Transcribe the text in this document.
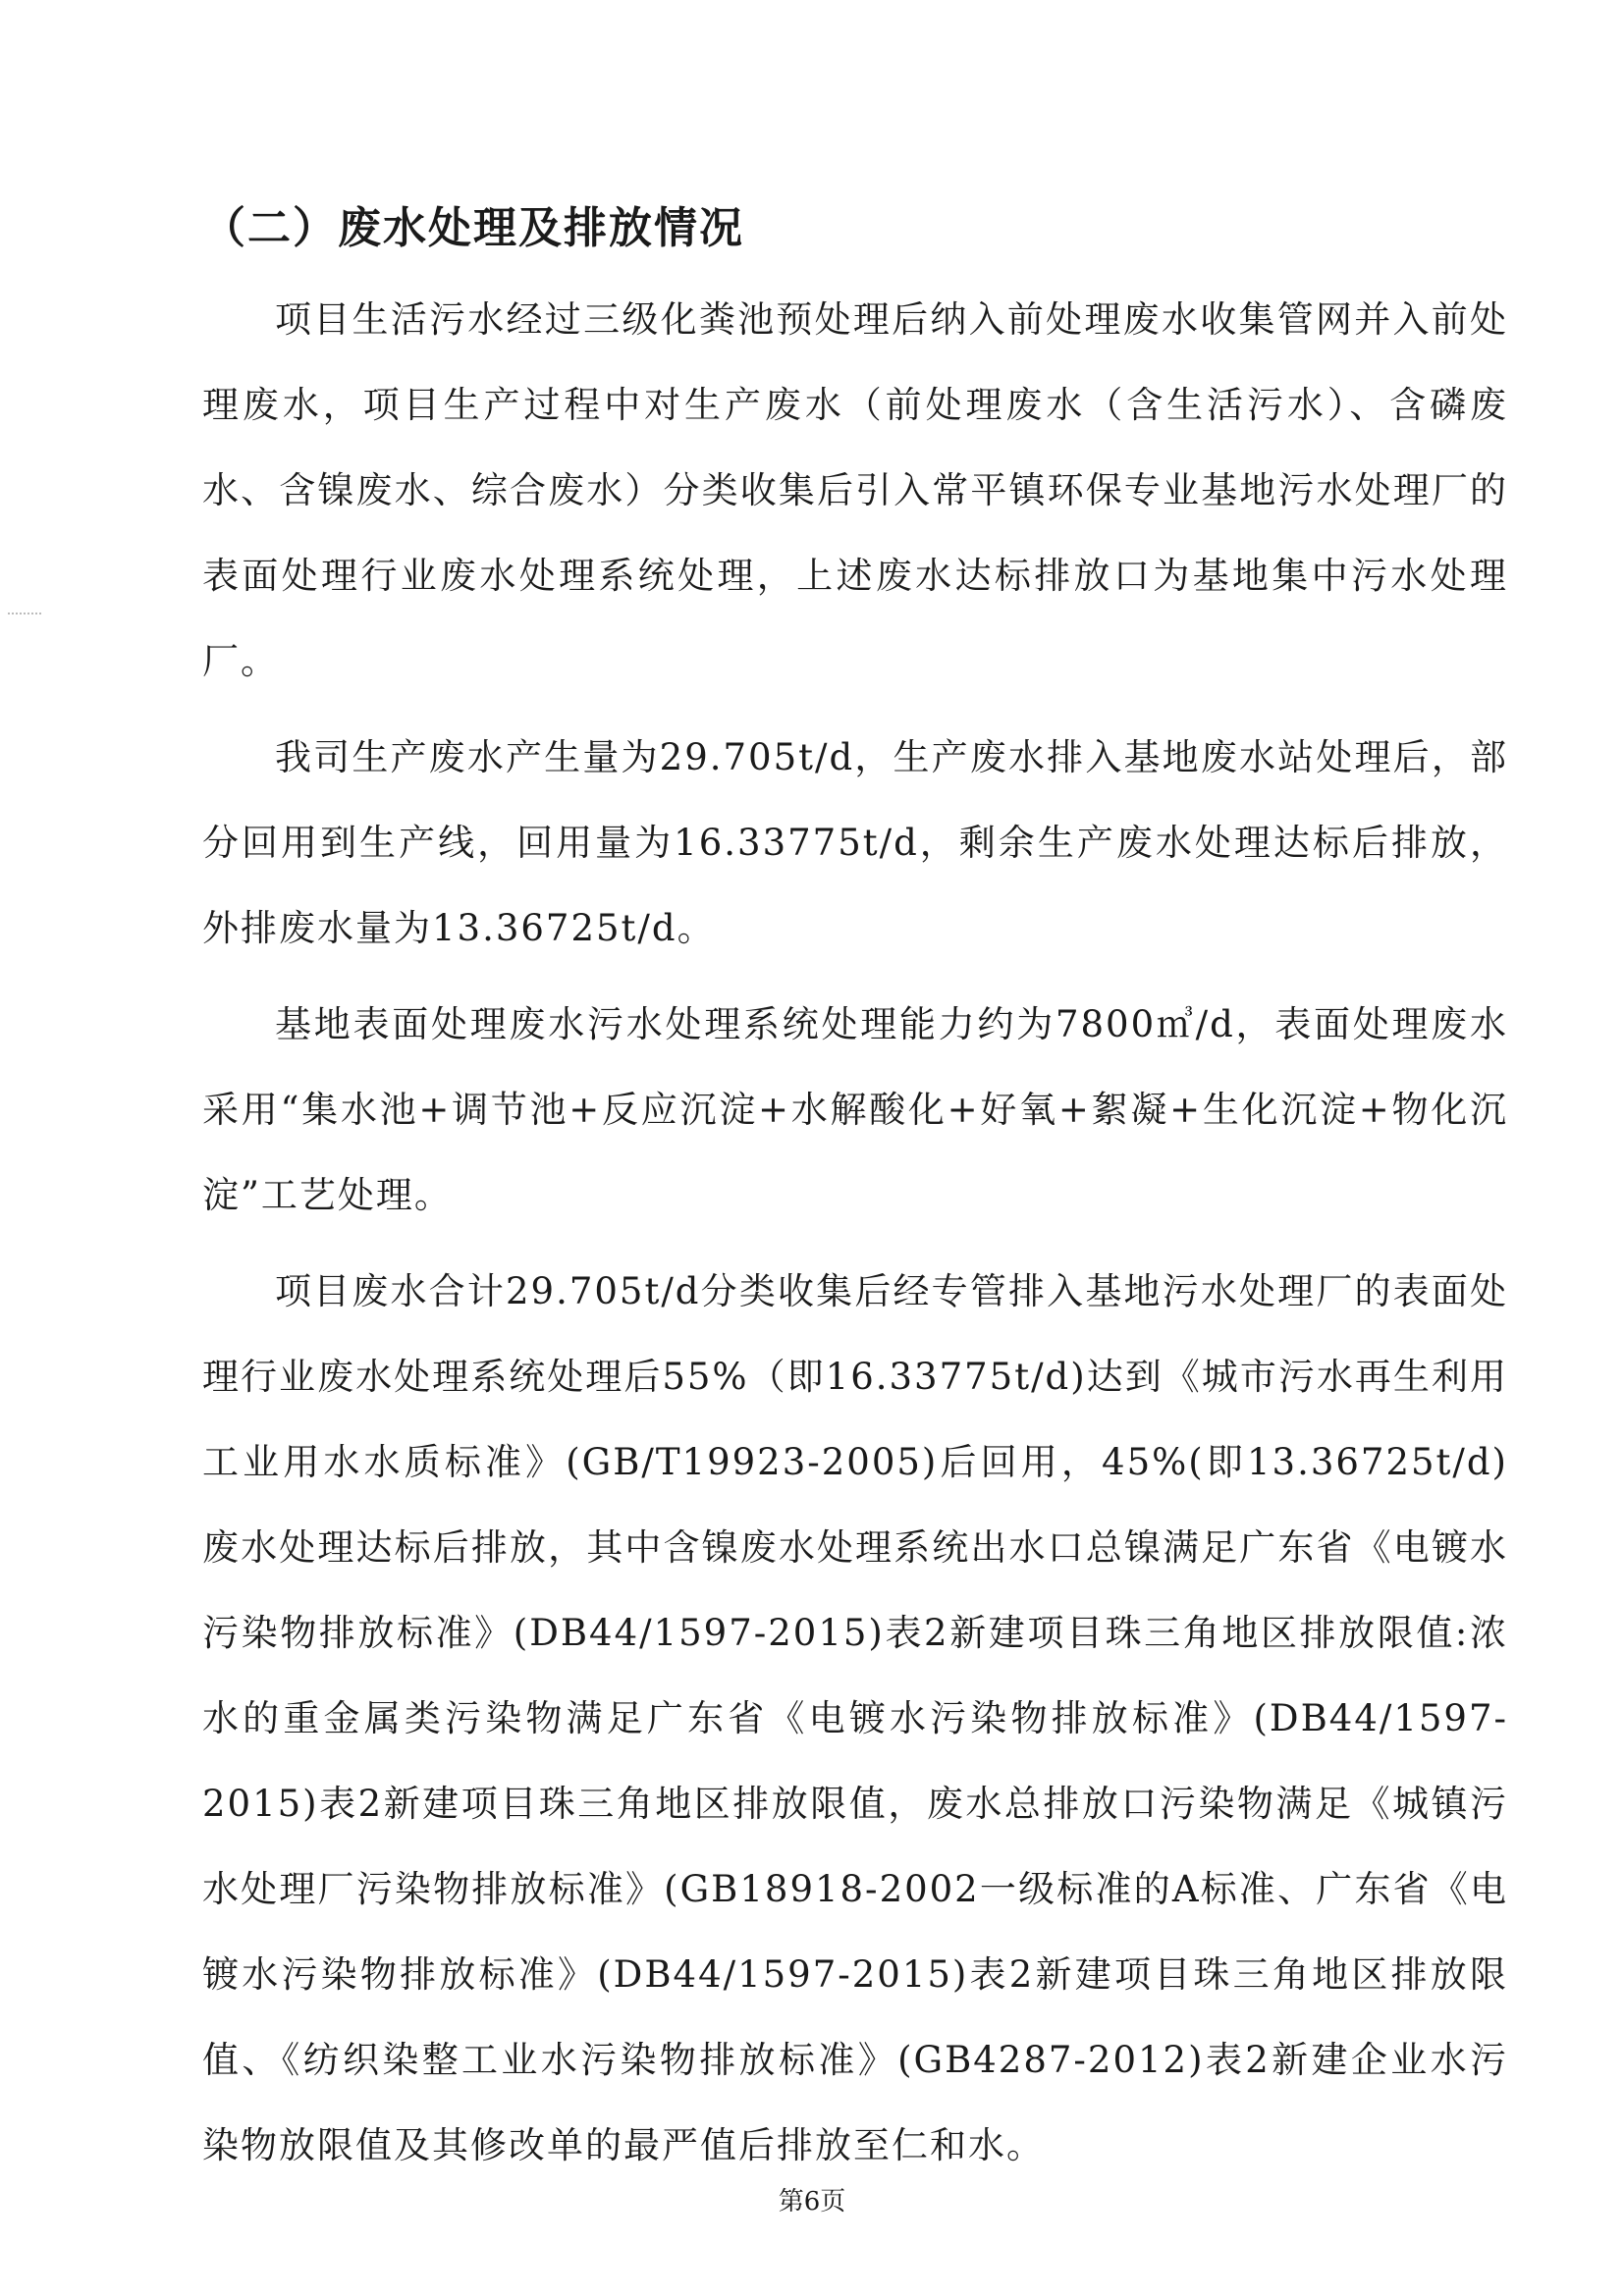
（二）废水处理及排放情况

项目生活污水经过三级化粪池预处理后纳入前处理废水收集管网并入前处理废水，项目生产过程中对生产废水（前处理废水（含生活污水）、含磷废水、含镍废水、综合废水）分类收集后引入常平镇环保专业基地污水处理厂的表面处理行业废水处理系统处理，上述废水达标排放口为基地集中污水处理厂。

我司生产废水产生量为29.705t/d，生产废水排入基地废水站处理后，部分回用到生产线，回用量为16.33775t/d，剩余生产废水处理达标后排放，外排废水量为13.36725t/d。

基地表面处理废水污水处理系统处理能力约为7800㎥/d，表面处理废水采用“集水池+调节池+反应沉淀+水解酸化+好氧+絮凝+生化沉淀+物化沉淀”工艺处理。

项目废水合计29.705t/d分类收集后经专管排入基地污水处理厂的表面处理行业废水处理系统处理后55%（即16.33775t/d)达到《城市污水再生利用工业用水水质标准》(GB/T19923-2005)后回用，45%(即13.36725t/d)废水处理达标后排放，其中含镍废水处理系统出水口总镍满足广东省《电镀水污染物排放标准》(DB44/1597-2015)表2新建项目珠三角地区排放限值:浓水的重金属类污染物满足广东省《电镀水污染物排放标准》(DB44/1597-2015)表2新建项目珠三角地区排放限值，废水总排放口污染物满足《城镇污水处理厂污染物排放标准》(GB18918-2002一级标准的A标准、广东省《电镀水污染物排放标准》(DB44/1597-2015)表2新建项目珠三角地区排放限值、《纺织染整工业水污染物排放标准》(GB4287-2012)表2新建企业水污染物放限值及其修改单的最严值后排放至仁和水。

第6页
